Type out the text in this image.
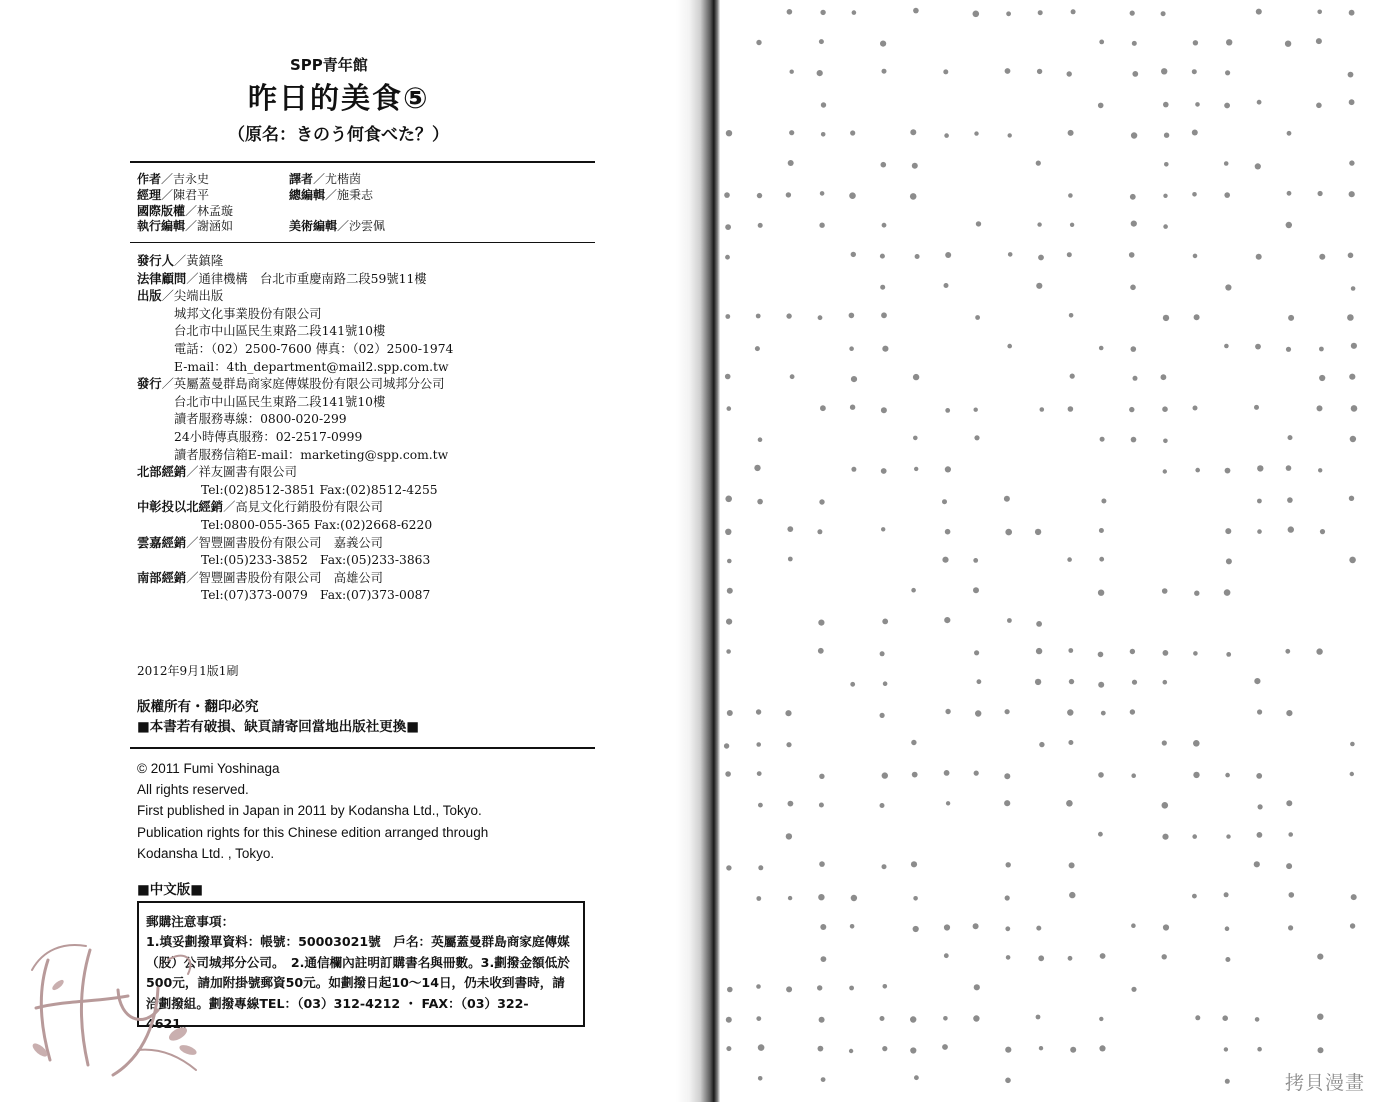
SPP青年館
昨日的美食⑤
（原名：きのう何食べた？）
作者／吉永史	譯者／尤楷茵
經理／陳君平	總編輯／施秉志
國際版權／林孟璇
執行編輯／謝涵如	美術編輯／沙雲佩
發行人／黃鎮隆
法律顧問／通律機構　台北市重慶南路二段59號11樓
出版／尖端出版
城邦文化事業股份有限公司
台北市中山區民生東路二段141號10樓
電話：（02）2500-7600 傳真：（02）2500-1974
E-mail：4th_department@mail2.spp.com.tw
發行／英屬蓋曼群島商家庭傳媒股份有限公司城邦分公司
台北市中山區民生東路二段141號10樓
讀者服務專線：0800-020-299
24小時傳真服務：02-2517-0999
讀者服務信箱E-mail：marketing@spp.com.tw
北部經銷／祥友圖書有限公司
Tel:(02)8512-3851 Fax:(02)8512-4255
中彰投以北經銷／高見文化行銷股份有限公司
Tel:0800-055-365 Fax:(02)2668-6220
雲嘉經銷／智豐圖書股份有限公司　嘉義公司
Tel:(05)233-3852　Fax:(05)233-3863
南部經銷／智豐圖書股份有限公司　高雄公司
Tel:(07)373-0079　Fax:(07)373-0087
2012年9月1版1刷
版權所有・翻印必究
■本書若有破損、缺頁請寄回當地出版社更換■
© 2011 Fumi Yoshinaga
All rights reserved.
First published in Japan in 2011 by Kodansha Ltd., Tokyo.
Publication rights for this Chinese edition arranged through
Kodansha Ltd. , Tokyo.
■中文版■
郵購注意事項：
1.填妥劃撥單資料：帳號：50003021號　戶名：英屬蓋曼群島商家庭傳媒（股）公司城邦分公司。　2.通信欄內註明訂購書名與冊數。3.劃撥金額低於500元，請加附掛號郵資50元。如劃撥日起10～14日，仍未收到書時，請洽劃撥組。劃撥專線TEL：（03）312-4212 ・ FAX：（03）322-4621。
拷貝漫畫
